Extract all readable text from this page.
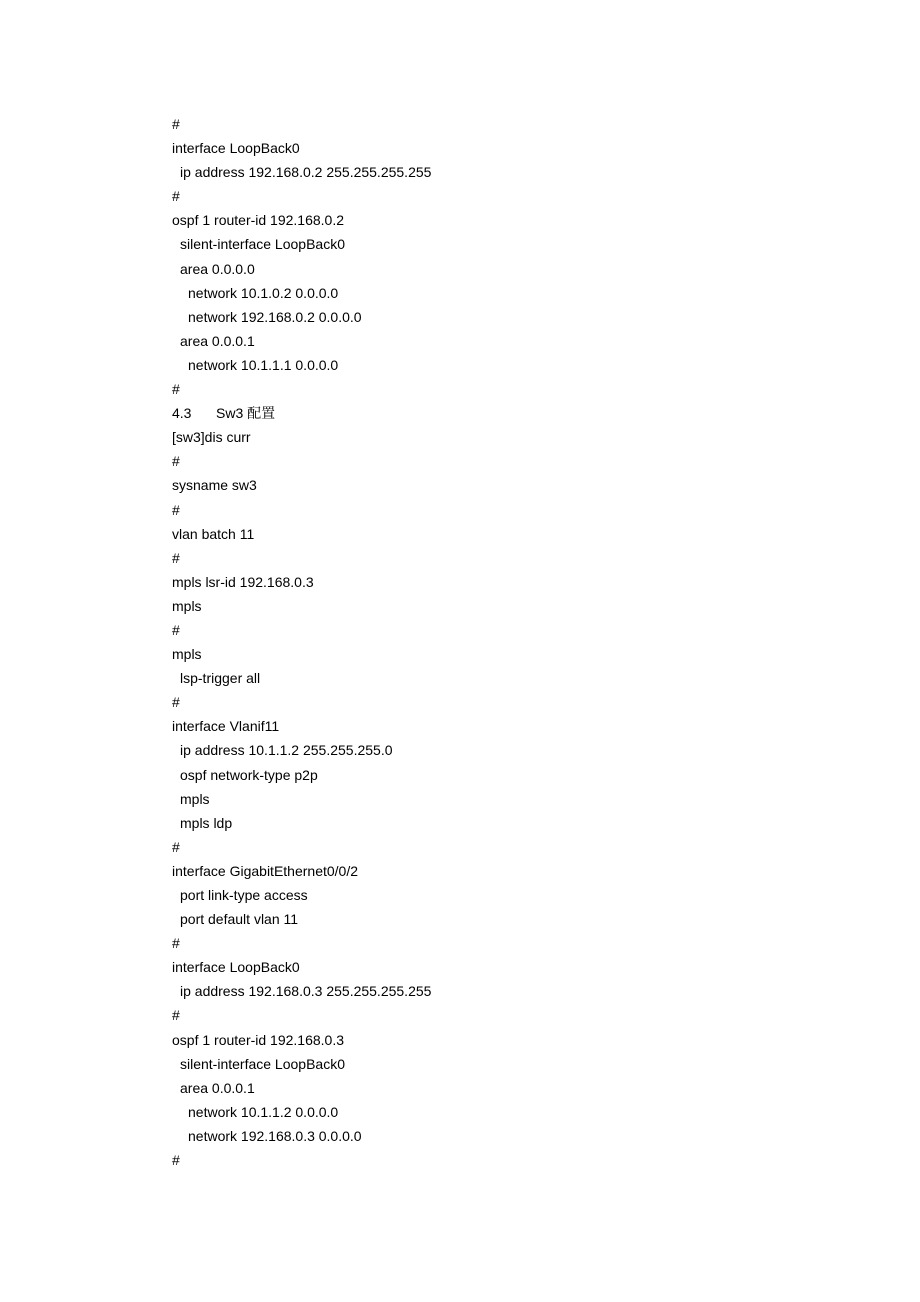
#
interface LoopBack0
ip address 192.168.0.2 255.255.255.255
#
ospf 1 router-id 192.168.0.2
silent-interface LoopBack0
area 0.0.0.0
network 10.1.0.2 0.0.0.0
network 192.168.0.2 0.0.0.0
area 0.0.0.1
network 10.1.1.1 0.0.0.0
#
4.3 Sw3 配置
[sw3]dis curr
#
sysname sw3
#
vlan batch 11
#
mpls lsr-id 192.168.0.3
mpls
#
mpls
lsp-trigger all
#
interface Vlanif11
ip address 10.1.1.2 255.255.255.0
ospf network-type p2p
mpls
mpls ldp
#
interface GigabitEthernet0/0/2
port link-type access
port default vlan 11
#
interface LoopBack0
ip address 192.168.0.3 255.255.255.255
#
ospf 1 router-id 192.168.0.3
silent-interface LoopBack0
area 0.0.0.1
network 10.1.1.2 0.0.0.0
network 192.168.0.3 0.0.0.0
#
